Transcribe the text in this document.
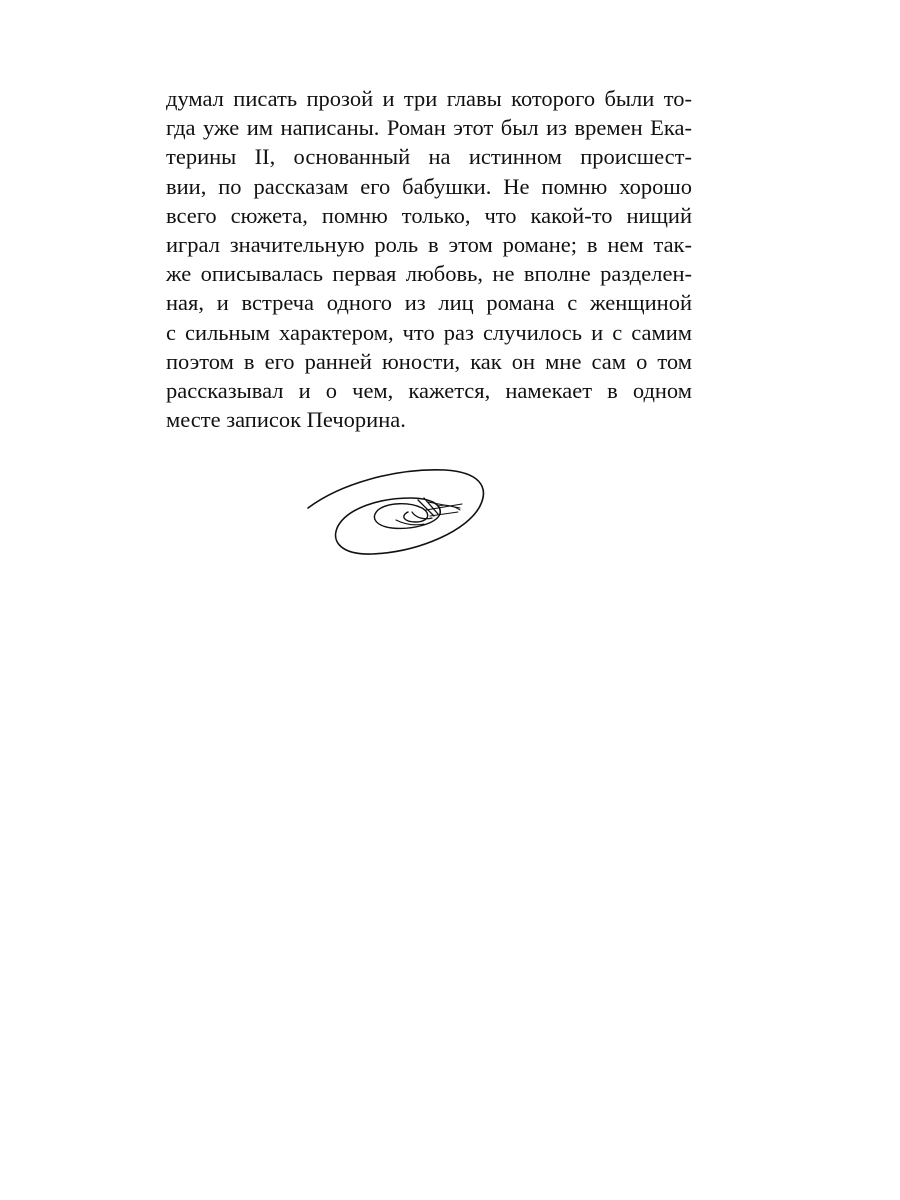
думал писать прозой и три главы которого были то-
гда уже им написаны. Роман этот был из времен Ека-
терины II, основанный на истинном происшест-
вии, по рассказам его бабушки. Не помню хорошо
всего сюжета, помню только, что какой-то нищий
играл значительную роль в этом романе; в нем так-
же описывалась первая любовь, не вполне разделен-
ная, и встреча одного из лиц романа с женщиной
с сильным характером, что раз случилось и с самим
поэтом в его ранней юности, как он мне сам о том
рассказывал и о чем, кажется, намекает в одном
месте записок Печорина.
